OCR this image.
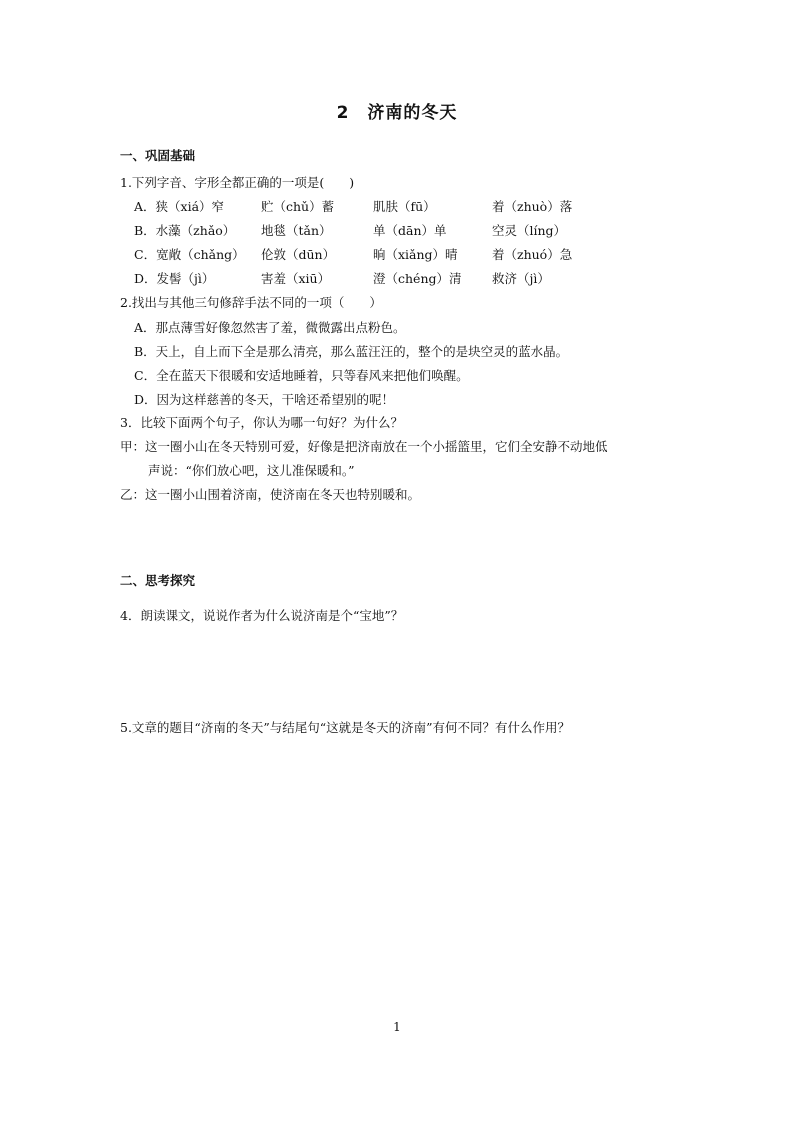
2　济南的冬天
一、巩固基础
1.下列字音、字形全都正确的一项是(　　)
A．狭（xiá）窄	贮（chǔ）蓄	肌肤（fū）	着（zhuò）落
B．水藻（zhǎo） 地毯（tǎn）	单（dān）单	空灵（líng）
C．宽敞（chǎng） 伦敦（dūn）	晌（xiǎng）晴	着（zhuó）急
D．发髻（jì）	害羞（xiū）	澄（chéng）清 救济（jì）
2.找出与其他三句修辞手法不同的一项（　　）
A．那点薄雪好像忽然害了羞，微微露出点粉色。
B．天上，自上而下全是那么清亮，那么蓝汪汪的，整个的是块空灵的蓝水晶。
C．全在蓝天下很暖和安适地睡着，只等春风来把他们唤醒。
D．因为这样慈善的冬天，干啥还希望别的呢！
3．比较下面两个句子，你认为哪一句好？为什么？
甲：这一圈小山在冬天特别可爱，好像是把济南放在一个小摇篮里，它们全安静不动地低
声说：“你们放心吧，这儿准保暖和。”
乙：这一圈小山围着济南，使济南在冬天也特别暖和。
二、思考探究
4．朗读课文，说说作者为什么说济南是个“宝地”？
5.文章的题目“济南的冬天”与结尾句“这就是冬天的济南”有何不同？有什么作用？
1
